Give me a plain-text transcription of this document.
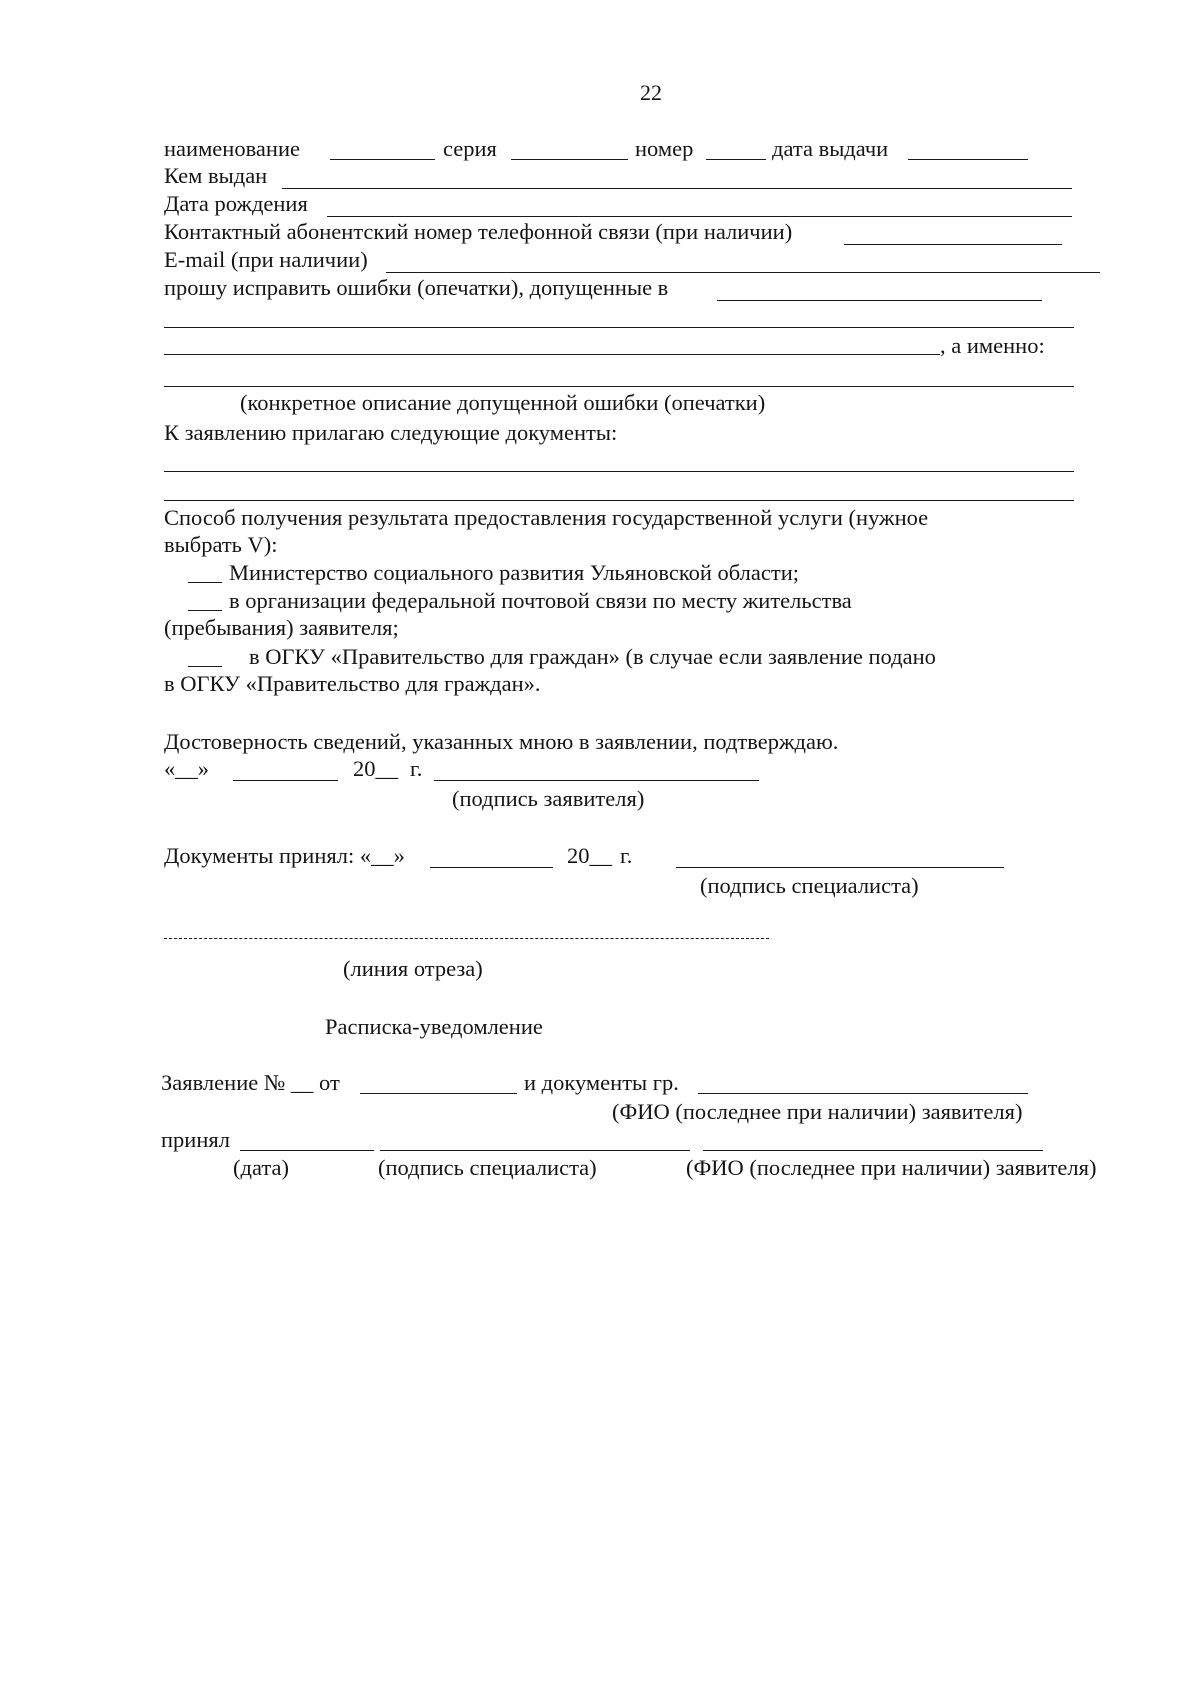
22
наименование	серия	номер	дата выдачи
Кем выдан
Дата рождения
Контактный абонентский номер телефонной связи (при наличии)
E-mail (при наличии)
прошу исправить ошибки (опечатки), допущенные в
, а именно:
(конкретное описание допущенной ошибки (опечатки)
К заявлению прилагаю следующие документы:
Способ получения результата предоставления государственной услуги (нужное
выбрать V):
Министерство социального развития Ульяновской области;
в организации федеральной почтовой связи по месту жительства
(пребывания) заявителя;
в ОГКУ «Правительство для граждан» (в случае если заявление подано
в ОГКУ «Правительство для граждан».
Достоверность сведений, указанных мною в заявлении, подтверждаю.
«__»	20__ г.
(подпись заявителя)
Документы принял: «__»	20__ г.
(подпись специалиста)
(линия отреза)
Расписка-уведомление
Заявление № __ от	и документы гр.
(ФИО (последнее при наличии) заявителя)
принял
(дата)	(подпись специалиста)	(ФИО (последнее при наличии) заявителя)
